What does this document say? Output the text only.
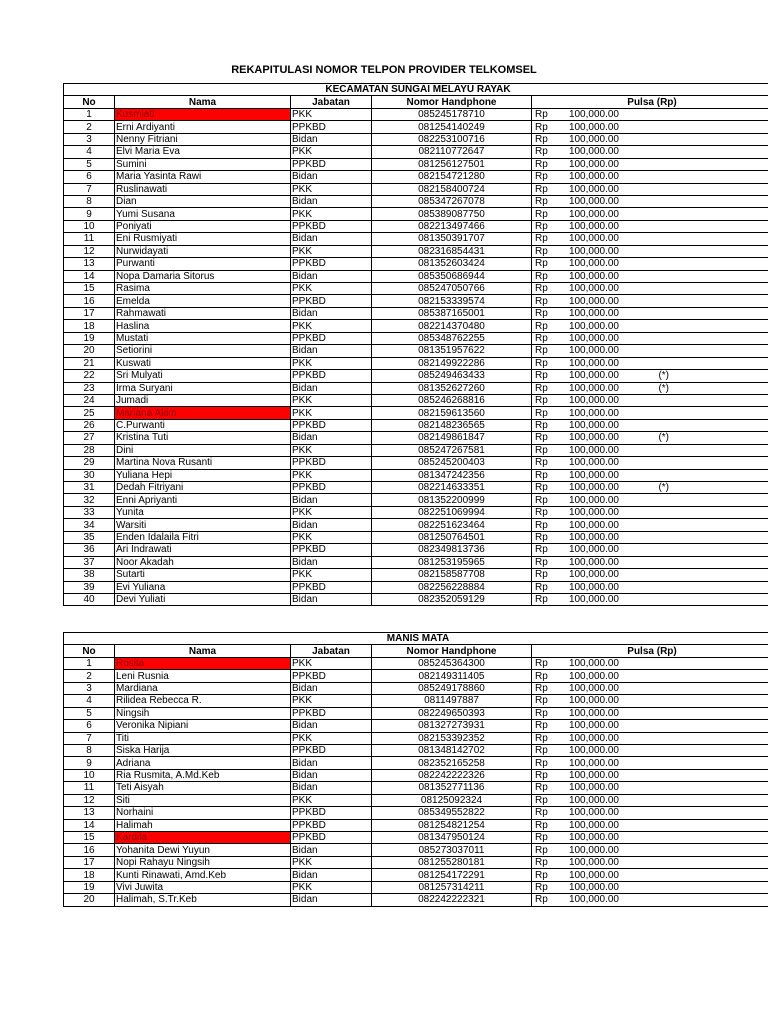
REKAPITULASI NOMOR TELPON PROVIDER TELKOMSEL
KECAMATAN SUNGAI MELAYU RAYAK				
No	Nama	Jabatan	Nomor Handphone	Pulsa (Rp)
1	Kusmiati	PKK	085245178710	Rp 100,000.00

2	Erni Ardiyanti	PPKBD	081254140249	Rp 100,000.00

3	Nenny Fitriani	Bidan	082253100716	Rp 100,000.00

4	Elvi Maria Eva	PKK	082110772647	Rp 100,000.00

5	Sumini	PPKBD	081256127501	Rp 100,000.00

6	Maria Yasinta Rawi	Bidan	082154721280	Rp 100,000.00

7	Ruslinawati	PKK	082158400724	Rp 100,000.00

8	Dian	Bidan	085347267078	Rp 100,000.00

9	Yumi Susana	PKK	085389087750	Rp 100,000.00

10	Poniyati	PPKBD	082213497466	Rp 100,000.00

11	Eni Rusmiyati	Bidan	081350391707	Rp 100,000.00

12	Nurwidayati	PKK	082316854431	Rp 100,000.00

13	Purwanti	PPKBD	081352603424	Rp 100,000.00

14	Nopa Damaria Sitorus	Bidan	085350686944	Rp 100,000.00

15	Rasima	PKK	085247050766	Rp 100,000.00

16	Emelda	PPKBD	082153339574	Rp 100,000.00

17	Rahmawati	Bidan	085387165001	Rp 100,000.00

18	Haslina	PKK	082214370480	Rp 100,000.00

19	Mustati	PPKBD	085348762255	Rp 100,000.00

20	Setiorini	Bidan	081351957622	Rp 100,000.00

21	Kuswati	PKK	082149922286	Rp 100,000.00

22	Sri Mulyati	PPKBD	085249463433	Rp 100,000.00 (*)

23	Irma Suryani	Bidan	081352627260	Rp 100,000.00 (*)

24	Jumadi	PKK	085246268816	Rp 100,000.00

25	Mariana Akim	PKK	082159613560	Rp 100,000.00

26	C.Purwanti	PPKBD	082148236565	Rp 100,000.00

27	Kristina Tuti	Bidan	082149861847	Rp 100,000.00 (*)

28	Dini	PKK	085247267581	Rp 100,000.00

29	Martina Nova Rusanti	PPKBD	085245200403	Rp 100,000.00

30	Yuliana Hepi	PKK	081347242356	Rp 100,000.00

31	Dedah Fitriyani	PPKBD	082214633351	Rp 100,000.00 (*)

32	Enni Apriyanti	Bidan	081352200999	Rp 100,000.00

33	Yunita	PKK	082251069994	Rp 100,000.00

34	Warsiti	Bidan	082251623464	Rp 100,000.00

35	Enden Idalaila Fitri	PKK	081250764501	Rp 100,000.00

36	Ari Indrawati	PPKBD	082349813736	Rp 100,000.00

37	Noor Akadah	Bidan	081253195965	Rp 100,000.00

38	Sutarti	PKK	082158587708	Rp 100,000.00

39	Evi Yuliana	PPKBD	082256228884	Rp 100,000.00

40	Devi Yuliati	Bidan	082352059129	Rp 100,000.00
MANIS MATA				
No	Nama	Jabatan	Nomor Handphone	Pulsa (Rp)
1	Rosita	PKK	085245364300	Rp 100,000.00

2	Leni Rusnia	PPKBD	082149311405	Rp 100,000.00

3	Mardiana	Bidan	085249178860	Rp 100,000.00

4	Rilidea Rebecca R.	PKK	0811497887	Rp 100,000.00

5	Ningsih	PPKBD	082249650393	Rp 100,000.00

6	Veronika Nipiani	Bidan	081327273931	Rp 100,000.00

7	Titi	PKK	082153392352	Rp 100,000.00

8	Siska Harija	PPKBD	081348142702	Rp 100,000.00

9	Adriana	Bidan	082352165258	Rp 100,000.00

10	Ria Rusmita, A.Md.Keb	Bidan	082242222326	Rp 100,000.00

11	Teti Aisyah	Bidan	081352771136	Rp 100,000.00

12	Siti	PKK	08125092324	Rp 100,000.00

13	Norhaini	PPKBD	085349552822	Rp 100,000.00

14	Halimah	PPKBD	081254821254	Rp 100,000.00

15	Kardila	PPKBD	081347950124	Rp 100,000.00

16	Yohanita Dewi Yuyun	Bidan	085273037011	Rp 100,000.00

17	Nopi Rahayu Ningsih	PKK	081255280181	Rp 100,000.00

18	Kunti Rinawati, Amd.Keb	Bidan	081254172291	Rp 100,000.00

19	Vivi Juwita	PKK	081257314211	Rp 100,000.00

20	Halimah, S.Tr.Keb	Bidan	082242222321	Rp 100,000.00
